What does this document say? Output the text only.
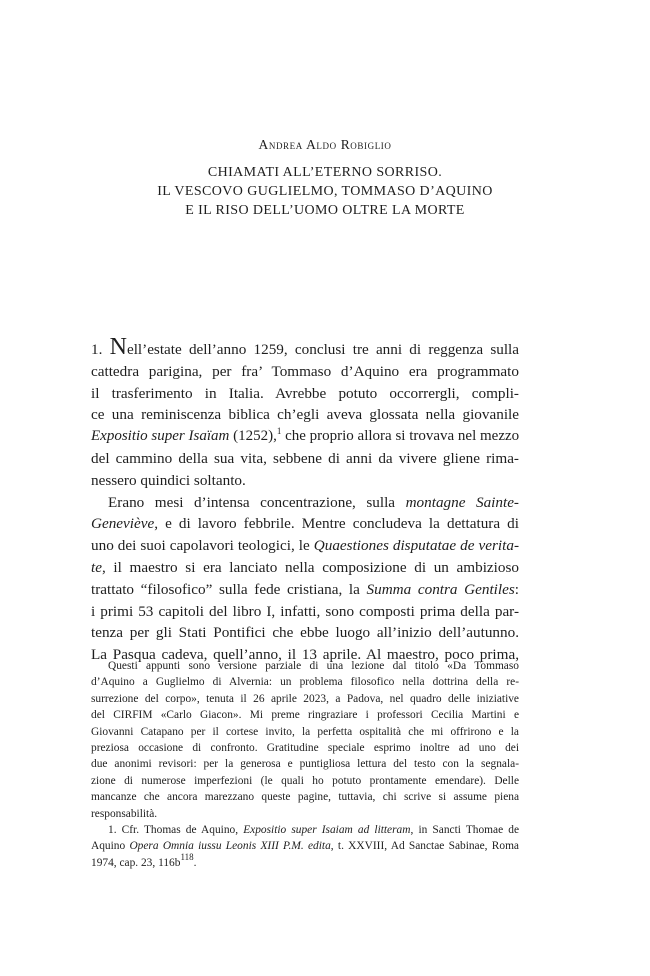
Andrea Aldo Robiglio
CHIAMATI ALL’ETERNO SORRISO.
IL VESCOVO GUGLIELMO, TOMMASO D’AQUINO
E IL RISO DELL’UOMO OLTRE LA MORTE
1. Nell’estate dell’anno 1259, conclusi tre anni di reggenza sulla
cattedra parigina, per fra’ Tommaso d’Aquino era programmato
il trasferimento in Italia. Avrebbe potuto occorrergli, compli-
ce una reminiscenza biblica ch’egli aveva glossata nella giovanile
Expositio super Isaïam (1252),$^1$ che proprio allora si trovava nel mezzo
del cammino della sua vita, sebbene di anni da vivere gliene rima-
nessero quindici soltanto.
Erano mesi d’intensa concentrazione, sulla montagne Sainte-
Geneviève, e di lavoro febbrile. Mentre concludeva la dettatura di
uno dei suoi capolavori teologici, le Quaestiones disputatae de verita-
te, il maestro si era lanciato nella composizione di un ambizioso
trattato “filosofico” sulla fede cristiana, la Summa contra Gentiles:
i primi 53 capitoli del libro I, infatti, sono composti prima della par-
tenza per gli Stati Pontifici che ebbe luogo all’inizio dell’autunno.
La Pasqua cadeva, quell’anno, il 13 aprile. Al maestro, poco prima,
Questi appunti sono versione parziale di una lezione dal titolo «Da Tommaso
d’Aquino a Guglielmo di Alvernia: un problema filosofico nella dottrina della re-
surrezione del corpo», tenuta il 26 aprile 2023, a Padova, nel quadro delle iniziative
del CIRFIM «Carlo Giacon». Mi preme ringraziare i professori Cecilia Martini e
Giovanni Catapano per il cortese invito, la perfetta ospitalità che mi offrirono e la
preziosa occasione di confronto. Gratitudine speciale esprimo inoltre ad uno dei
due anonimi revisori: per la generosa e puntigliosa lettura del testo con la segnala-
zione di numerose imperfezioni (le quali ho potuto prontamente emendare). Delle
mancanze che ancora marezzano queste pagine, tuttavia, chi scrive si assume piena
responsabilità.
1. Cfr. Thomas de Aquino, Expositio super Isaiam ad litteram, in Sancti Thomae de
Aquino Opera Omnia iussu Leonis XIII P.M. edita, t. XXVIII, Ad Sanctae Sabinae, Roma
1974, cap. 23, $116b^{118}$.
